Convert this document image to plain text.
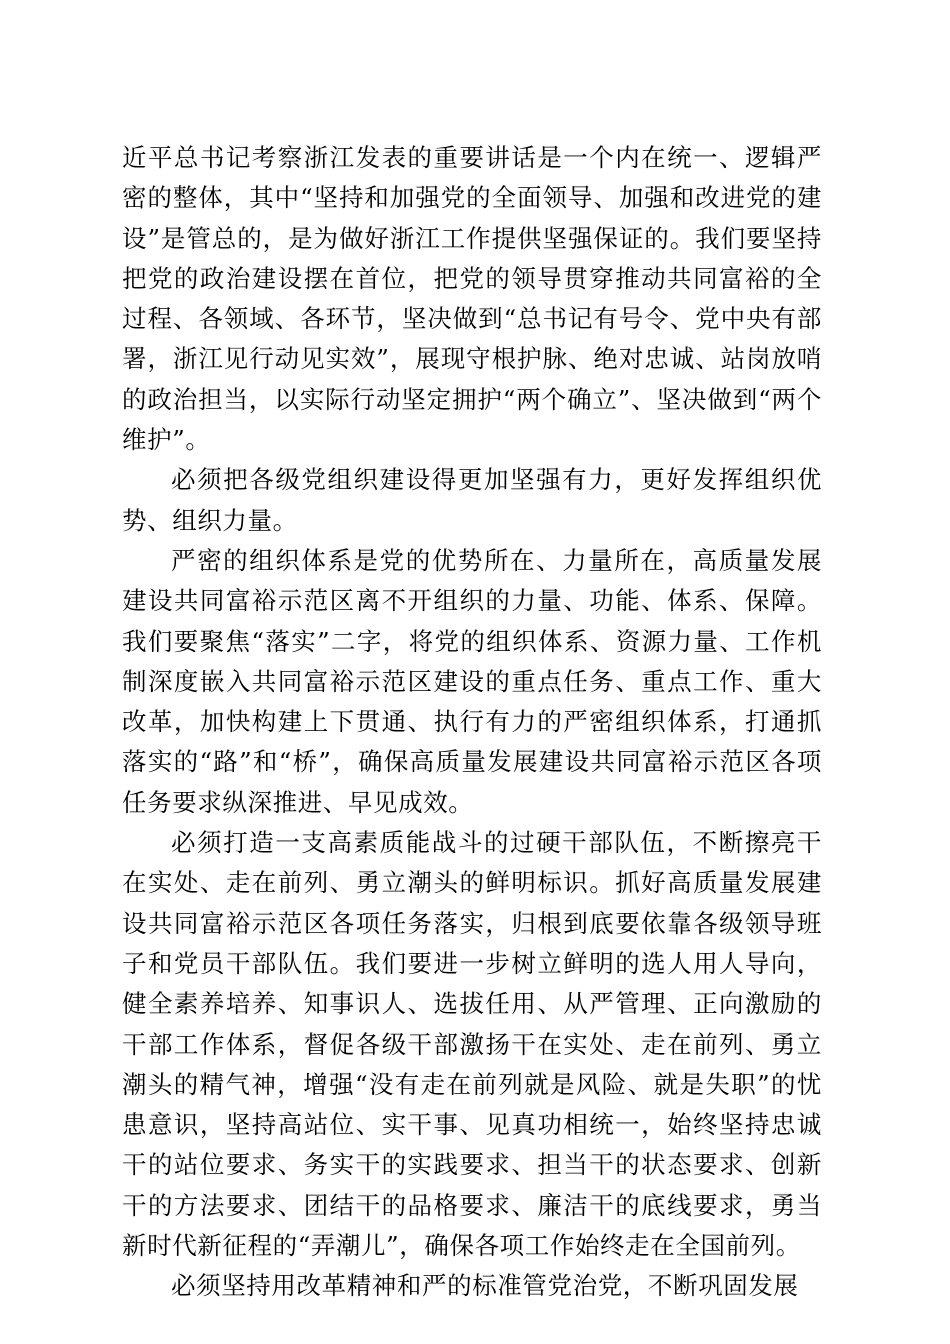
近平总书记考察浙江发表的重要讲话是一个内在统一、逻辑严密的整体，其中“坚持和加强党的全面领导、加强和改进党的建设”是管总的，是为做好浙江工作提供坚强保证的。我们要坚持把党的政治建设摆在首位，把党的领导贯穿推动共同富裕的全过程、各领域、各环节，坚决做到“总书记有号令、党中央有部署，浙江见行动见实效”，展现守根护脉、绝对忠诚、站岗放哨的政治担当，以实际行动坚定拥护“两个确立”、坚决做到“两个维护”。

必须把各级党组织建设得更加坚强有力，更好发挥组织优势、组织力量。

严密的组织体系是党的优势所在、力量所在，高质量发展建设共同富裕示范区离不开组织的力量、功能、体系、保障。我们要聚焦“落实”二字，将党的组织体系、资源力量、工作机制深度嵌入共同富裕示范区建设的重点任务、重点工作、重大改革，加快构建上下贯通、执行有力的严密组织体系，打通抓落实的“路”和“桥”，确保高质量发展建设共同富裕示范区各项任务要求纵深推进、早见成效。

必须打造一支高素质能战斗的过硬干部队伍，不断擦亮干在实处、走在前列、勇立潮头的鲜明标识。抓好高质量发展建设共同富裕示范区各项任务落实，归根到底要依靠各级领导班子和党员干部队伍。我们要进一步树立鲜明的选人用人导向，健全素养培养、知事识人、选拔任用、从严管理、正向激励的干部工作体系，督促各级干部激扬干在实处、走在前列、勇立潮头的精气神，增强“没有走在前列就是风险、就是失职”的忧患意识，坚持高站位、实干事、见真功相统一，始终坚持忠诚干的站位要求、务实干的实践要求、担当干的状态要求、创新干的方法要求、团结干的品格要求、廉洁干的底线要求，勇当新时代新征程的“弄潮儿”，确保各项工作始终走在全国前列。

必须坚持用改革精神和严的标准管党治党，不断巩固发展
